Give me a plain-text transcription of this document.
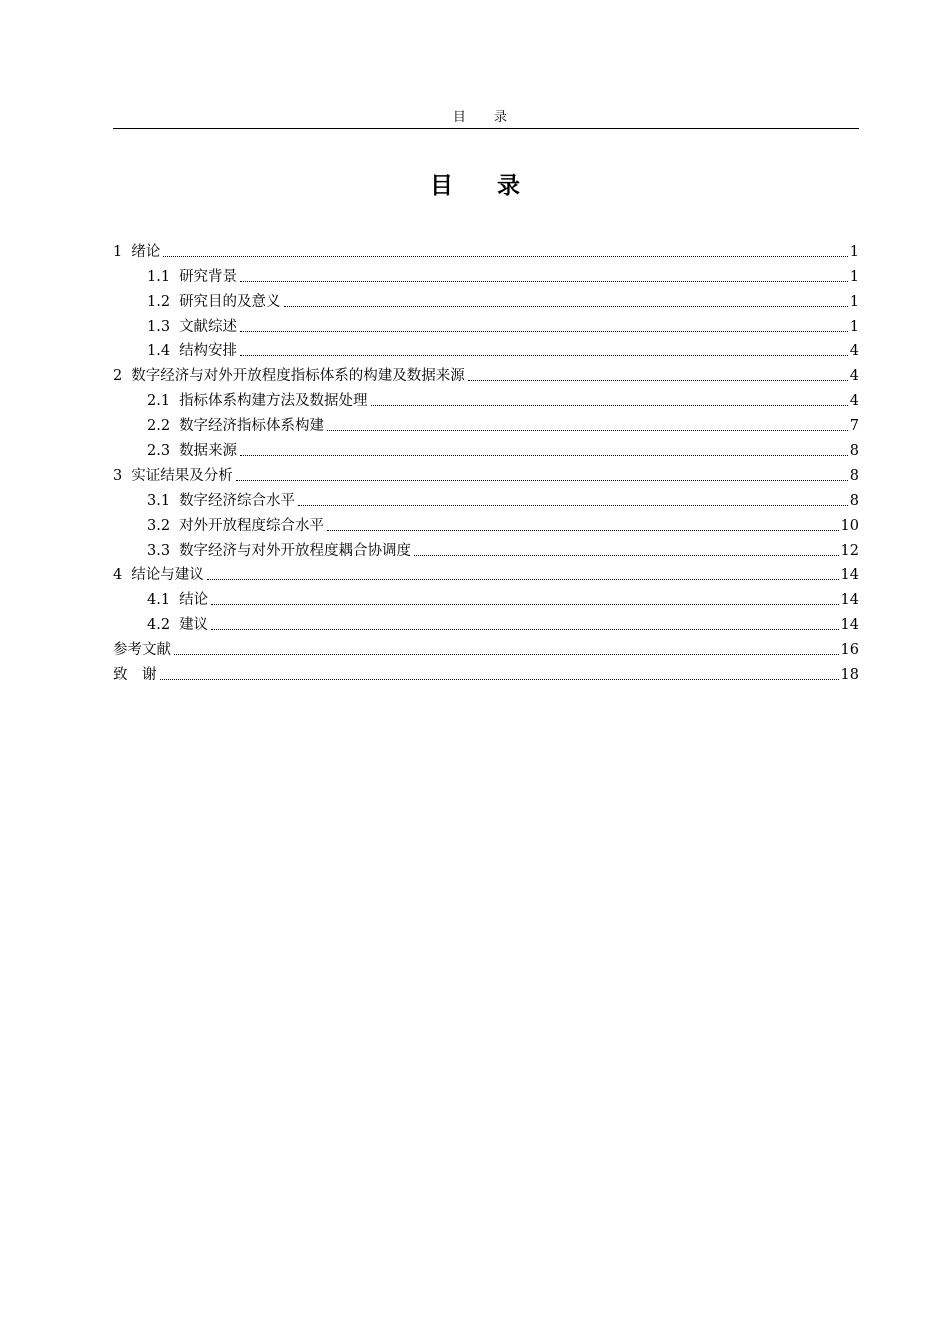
目 录
目 录
1 绪论	1
1.1 研究背景	1
1.2 研究目的及意义	1
1.3 文献综述	1
1.4 结构安排	4
2 数字经济与对外开放程度指标体系的构建及数据来源	4
2.1 指标体系构建方法及数据处理	4
2.2 数字经济指标体系构建	7
2.3 数据来源	8
3 实证结果及分析	8
3.1 数字经济综合水平	8
3.2 对外开放程度综合水平	10
3.3 数字经济与对外开放程度耦合协调度	12
4 结论与建议	14
4.1 结论	14
4.2 建议	14
参考文献	16
致　谢	18
